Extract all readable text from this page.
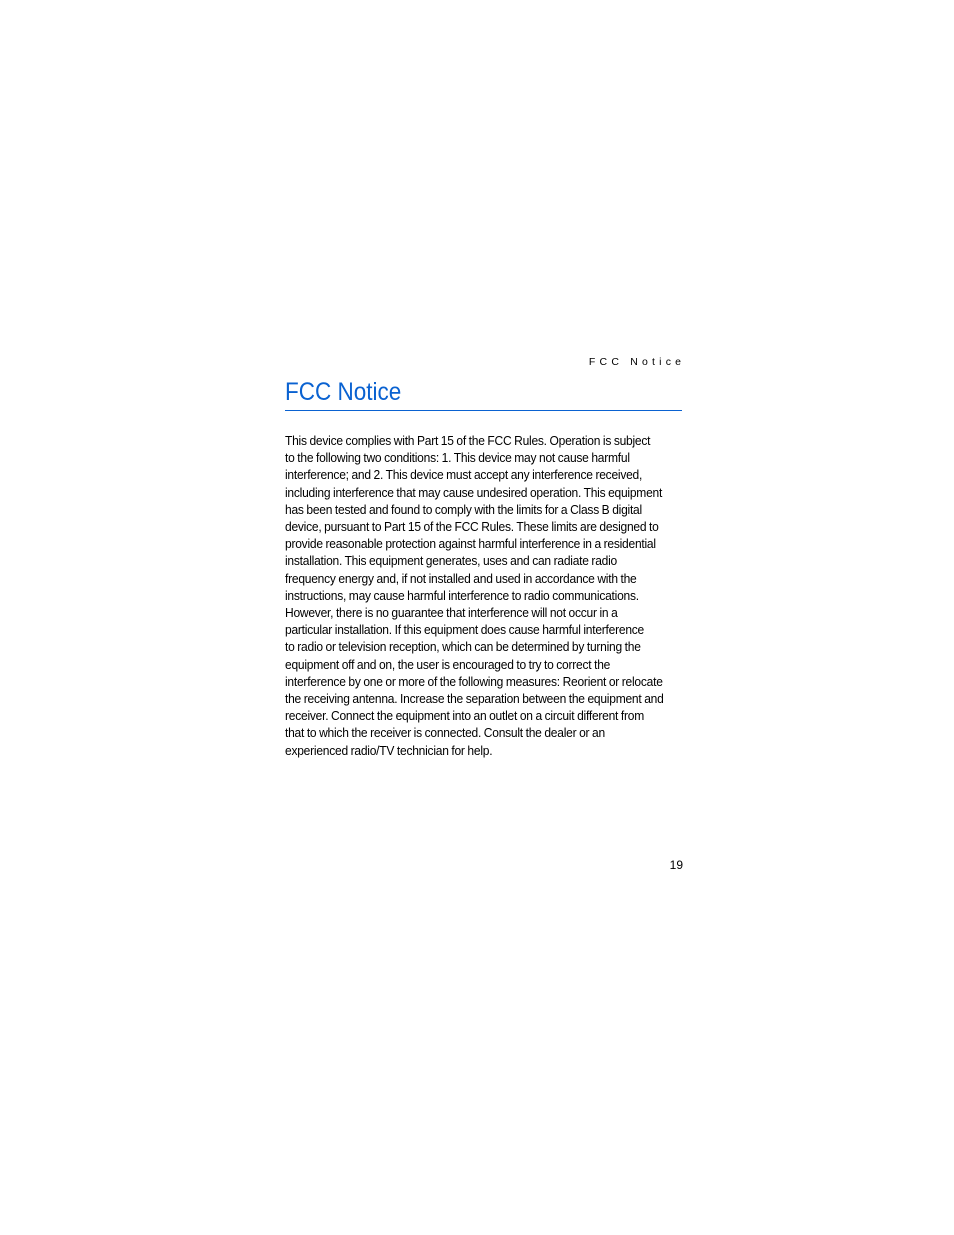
FCC Notice
FCC Notice

This device complies with Part 15 of the FCC Rules. Operation is subject
to the following two conditions: 1. This device may not cause harmful
interference; and 2. This device must accept any interference received,
including interference that may cause undesired operation. This equipment
has been tested and found to comply with the limits for a Class B digital
device, pursuant to Part 15 of the FCC Rules. These limits are designed to
provide reasonable protection against harmful interference in a residential
installation. This equipment generates, uses and can radiate radio
frequency energy and, if not installed and used in accordance with the
instructions, may cause harmful interference to radio communications.
However, there is no guarantee that interference will not occur in a
particular installation. If this equipment does cause harmful interference
to radio or television reception, which can be determined by turning the
equipment off and on, the user is encouraged to try to correct the
interference by one or more of the following measures: Reorient or relocate
the receiving antenna. Increase the separation between the equipment and
receiver. Connect the equipment into an outlet on a circuit different from
that to which the receiver is connected. Consult the dealer or an
experienced radio/TV technician for help.

19
